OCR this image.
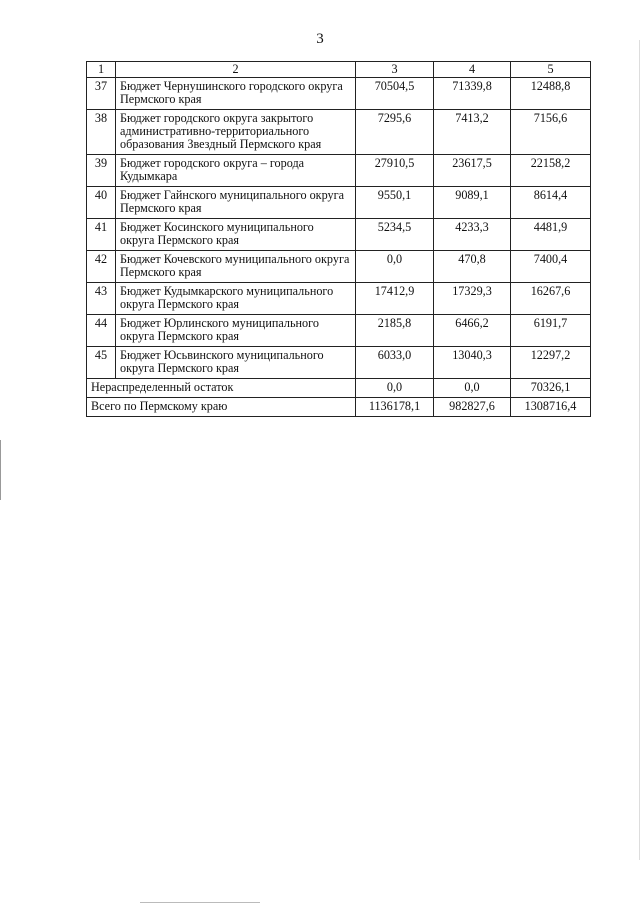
3
1	2	3	4	5
37	Бюджет Чернушинского городского округа Пермского края	70504,5	71339,8	12488,8
38	Бюджет городского округа закрытого административно-территориального образования Звездный Пермского края	7295,6	7413,2	7156,6
39	Бюджет городского округа – города Кудымкара	27910,5	23617,5	22158,2
40	Бюджет Гайнского муниципального округа Пермского края	9550,1	9089,1	8614,4
41	Бюджет Косинского муниципального округа Пермского края	5234,5	4233,3	4481,9
42	Бюджет Кочевского муниципального округа Пермского края	0,0	470,8	7400,4
43	Бюджет Кудымкарского муниципального округа Пермского края	17412,9	17329,3	16267,6
44	Бюджет Юрлинского муниципального округа Пермского края	2185,8	6466,2	6191,7
45	Бюджет Юсьвинского муниципального округа Пермского края	6033,0	13040,3	12297,2
Нераспределенный остаток		0,0	0,0	70326,1
Всего по Пермскому краю		1136178,1	982827,6	1308716,4
